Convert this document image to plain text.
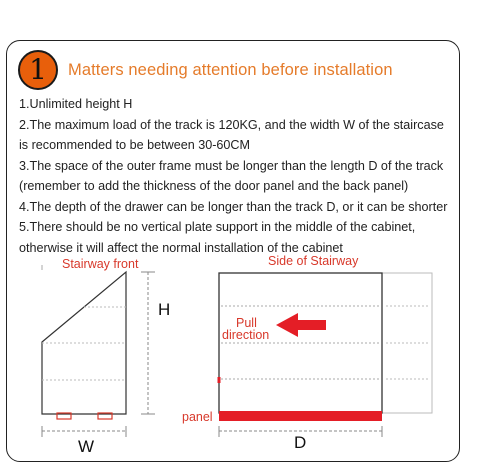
1	Matters needing attention before installation
1.Unlimited height H
2.The maximum load of the track is 120KG, and the width W of the staircase
is recommended to be between 30-60CM
3.The space of the outer frame must be longer than the length D of the track
(remember to add the thickness of the door panel and the back panel)
4.The depth of the drawer can be longer than the track D, or it can be shorter
5.There should be no vertical plate support in the middle of the cabinet,
otherwise it will affect the normal installation of the cabinet
Stairway front
H
W
Side of Stairway
Pull
direction
panel
D
